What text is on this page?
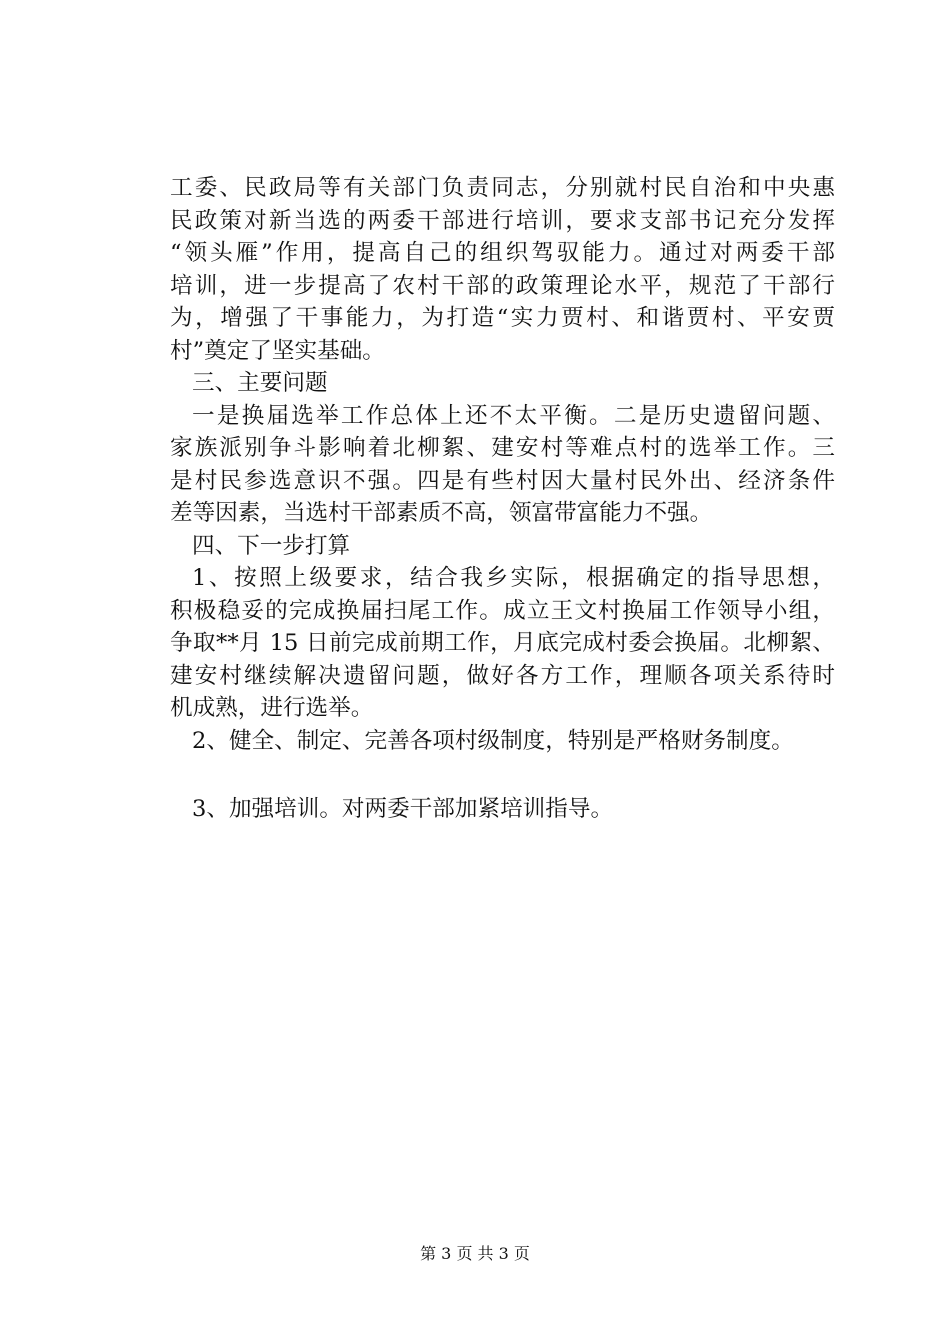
工委、民政局等有关部门负责同志，分别就村民自治和中央惠
民政策对新当选的两委干部进行培训，要求支部书记充分发挥
“领头雁”作用，提高自己的组织驾驭能力。通过对两委干部
培训，进一步提高了农村干部的政策理论水平，规范了干部行
为，增强了干事能力，为打造“实力贾村、和谐贾村、平安贾
村”奠定了坚实基础。
三、主要问题
一是换届选举工作总体上还不太平衡。二是历史遗留问题、
家族派别争斗影响着北柳絮、建安村等难点村的选举工作。三
是村民参选意识不强。四是有些村因大量村民外出、经济条件
差等因素，当选村干部素质不高，领富带富能力不强。
四、下一步打算
1、按照上级要求，结合我乡实际，根据确定的指导思想，
积极稳妥的完成换届扫尾工作。成立王文村换届工作领导小组，
争取**月 15 日前完成前期工作，月底完成村委会换届。北柳絮、
建安村继续解决遗留问题，做好各方工作，理顺各项关系待时
机成熟，进行选举。
2、健全、制定、完善各项村级制度，特别是严格财务制度。
3、加强培训。对两委干部加紧培训指导。
第 3 页 共 3 页
